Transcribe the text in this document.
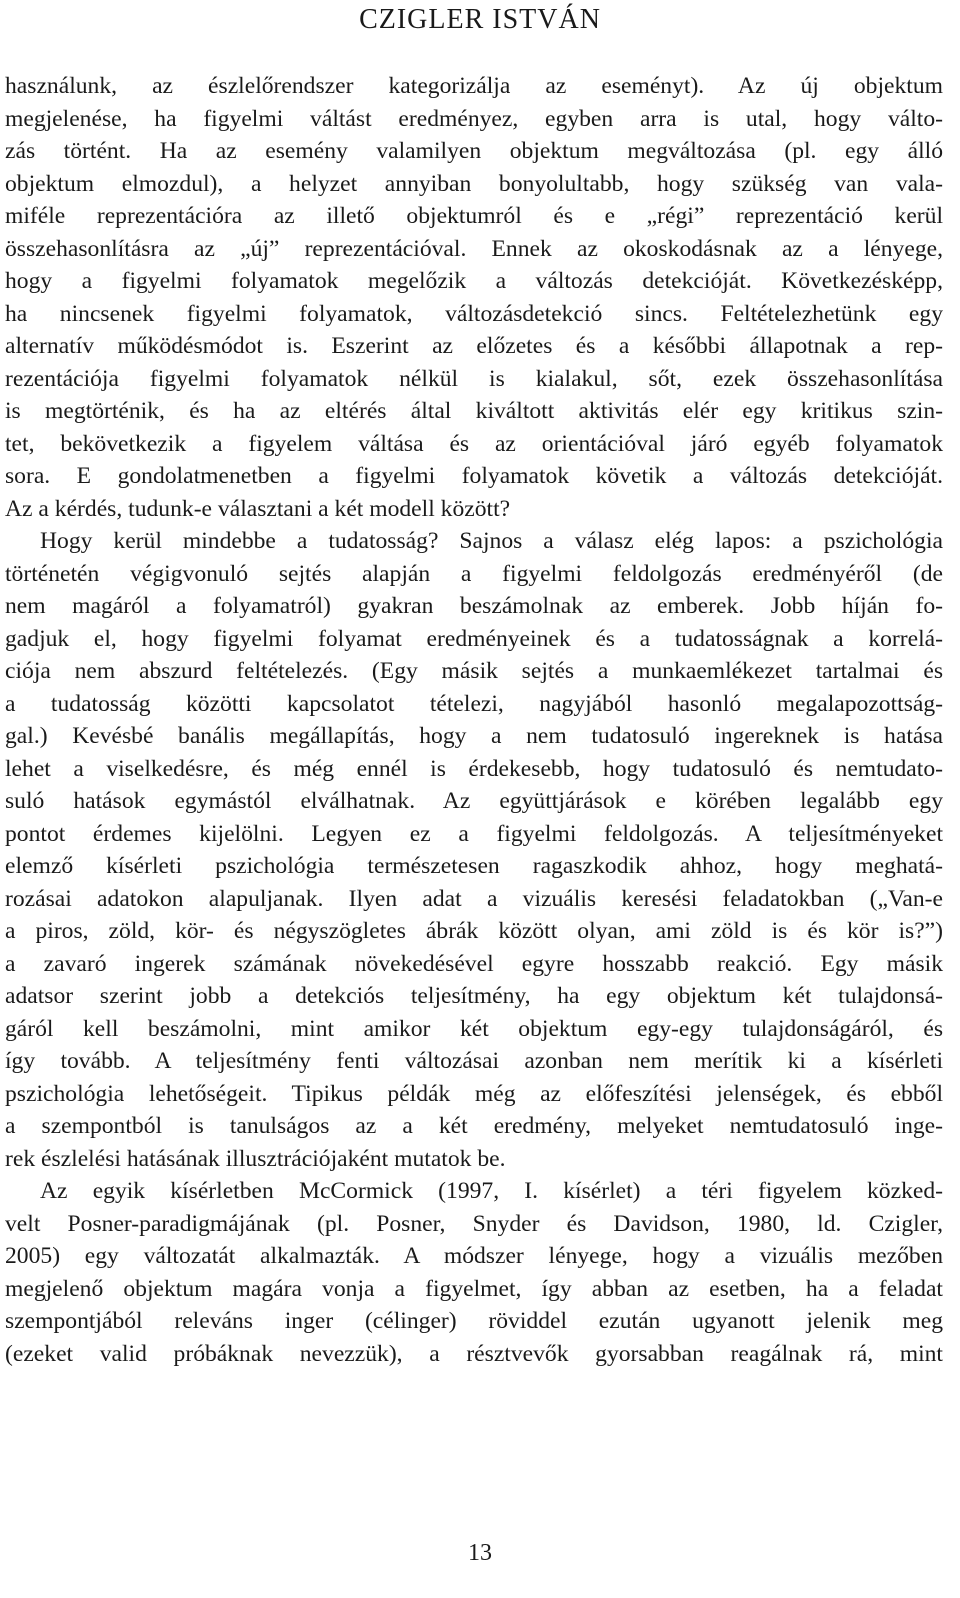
CZIGLER ISTVÁN
használunk, az észlelőrendszer kategorizálja az eseményt). Az új objektum
megjelenése, ha figyelmi váltást eredményez, egyben arra is utal, hogy válto-
zás történt. Ha az esemény valamilyen objektum megváltozása (pl. egy álló
objektum elmozdul), a helyzet annyiban bonyolultabb, hogy szükség van vala-
miféle reprezentációra az illető objektumról és e „régi” reprezentáció kerül
összehasonlításra az „új” reprezentációval. Ennek az okoskodásnak az a lényege,
hogy a figyelmi folyamatok megelőzik a változás detekcióját. Következésképp,
ha nincsenek figyelmi folyamatok, változásdetekció sincs. Feltételezhetünk egy
alternatív működésmódot is. Eszerint az előzetes és a későbbi állapotnak a rep-
rezentációja figyelmi folyamatok nélkül is kialakul, sőt, ezek összehasonlítása
is megtörténik, és ha az eltérés által kiváltott aktivitás elér egy kritikus szin-
tet, bekövetkezik a figyelem váltása és az orientációval járó egyéb folyamatok
sora. E gondolatmenetben a figyelmi folyamatok követik a változás detekcióját.
Az a kérdés, tudunk-e választani a két modell között?
Hogy kerül mindebbe a tudatosság? Sajnos a válasz elég lapos: a pszichológia
történetén végigvonuló sejtés alapján a figyelmi feldolgozás eredményéről (de
nem magáról a folyamatról) gyakran beszámolnak az emberek. Jobb híján fo-
gadjuk el, hogy figyelmi folyamat eredményeinek és a tudatosságnak a korrelá-
ciója nem abszurd feltételezés. (Egy másik sejtés a munkaemlékezet tartalmai és
a tudatosság közötti kapcsolatot tételezi, nagyjából hasonló megalapozottság-
gal.) Kevésbé banális megállapítás, hogy a nem tudatosuló ingereknek is hatása
lehet a viselkedésre, és még ennél is érdekesebb, hogy tudatosuló és nemtudato-
suló hatások egymástól elválhatnak. Az együttjárások e körében legalább egy
pontot érdemes kijelölni. Legyen ez a figyelmi feldolgozás. A teljesítményeket
elemző kísérleti pszichológia természetesen ragaszkodik ahhoz, hogy meghatá-
rozásai adatokon alapuljanak. Ilyen adat a vizuális keresési feladatokban („Van-e
a piros, zöld, kör- és négyszögletes ábrák között olyan, ami zöld is és kör is?”)
a zavaró ingerek számának növekedésével egyre hosszabb reakció. Egy másik
adatsor szerint jobb a detekciós teljesítmény, ha egy objektum két tulajdonsá-
gáról kell beszámolni, mint amikor két objektum egy-egy tulajdonságáról, és
így tovább. A teljesítmény fenti változásai azonban nem merítik ki a kísérleti
pszichológia lehetőségeit. Tipikus példák még az előfeszítési jelenségek, és ebből
a szempontból is tanulságos az a két eredmény, melyeket nemtudatosuló inge-
rek észlelési hatásának illusztrációjaként mutatok be.
Az egyik kísérletben McCormick (1997, I. kísérlet) a téri figyelem közked-
velt Posner-paradigmájának (pl. Posner, Snyder és Davidson, 1980, ld. Czigler,
2005) egy változatát alkalmazták. A módszer lényege, hogy a vizuális mezőben
megjelenő objektum magára vonja a figyelmet, így abban az esetben, ha a feladat
szempontjából releváns inger (célinger) röviddel ezután ugyanott jelenik meg
(ezeket valid próbáknak nevezzük), a résztvevők gyorsabban reagálnak rá, mint
13
